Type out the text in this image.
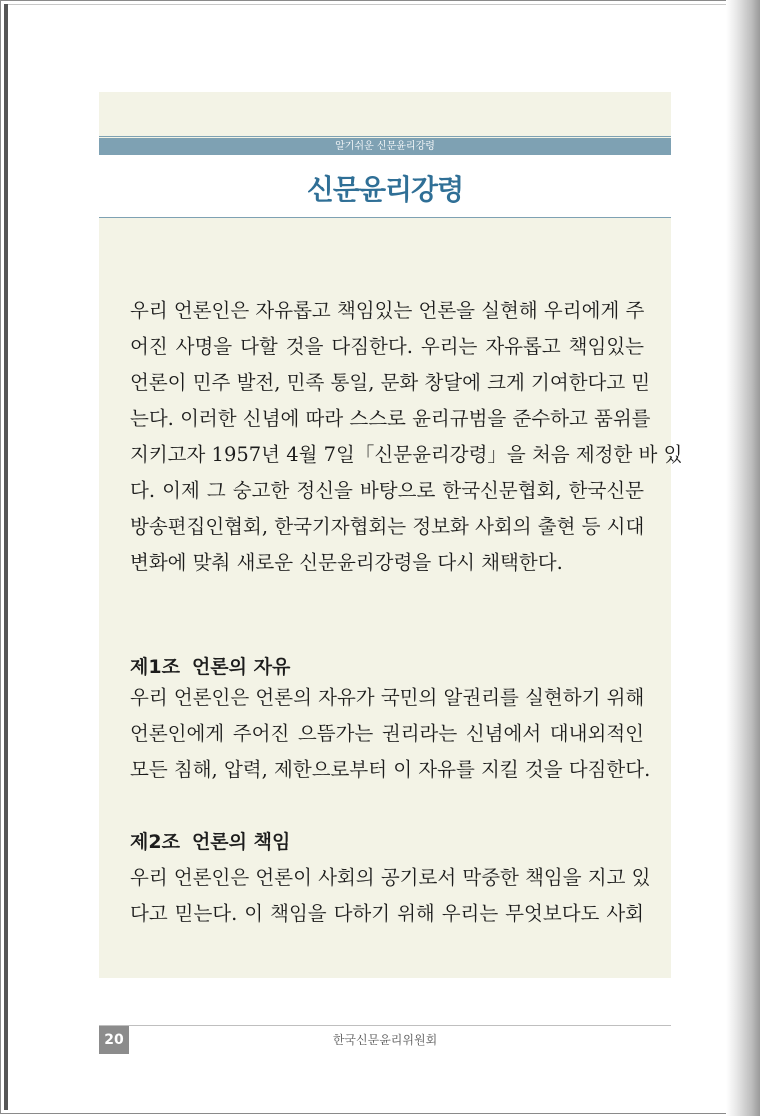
알기쉬운 신문윤리강령
신문윤리강령
우리 언론인은 자유롭고 책임있는 언론을 실현해 우리에게 주
어진 사명을 다할 것을 다짐한다. 우리는 자유롭고 책임있는
언론이 민주 발전, 민족 통일, 문화 창달에 크게 기여한다고 믿
는다. 이러한 신념에 따라 스스로 윤리규범을 준수하고 품위를
지키고자 1957년 4월 7일「신문윤리강령」을 처음 제정한 바 있
다. 이제 그 숭고한 정신을 바탕으로 한국신문협회, 한국신문
방송편집인협회, 한국기자협회는 정보화 사회의 출현 등 시대
변화에 맞춰 새로운 신문윤리강령을 다시 채택한다.
제1조 언론의 자유
우리 언론인은 언론의 자유가 국민의 알권리를 실현하기 위해
언론인에게 주어진 으뜸가는 권리라는 신념에서 대내외적인
모든 침해, 압력, 제한으로부터 이 자유를 지킬 것을 다짐한다.
제2조 언론의 책임
우리 언론인은 언론이 사회의 공기로서 막중한 책임을 지고 있
다고 믿는다. 이 책임을 다하기 위해 우리는 무엇보다도 사회
20	한국신문윤리위원회
